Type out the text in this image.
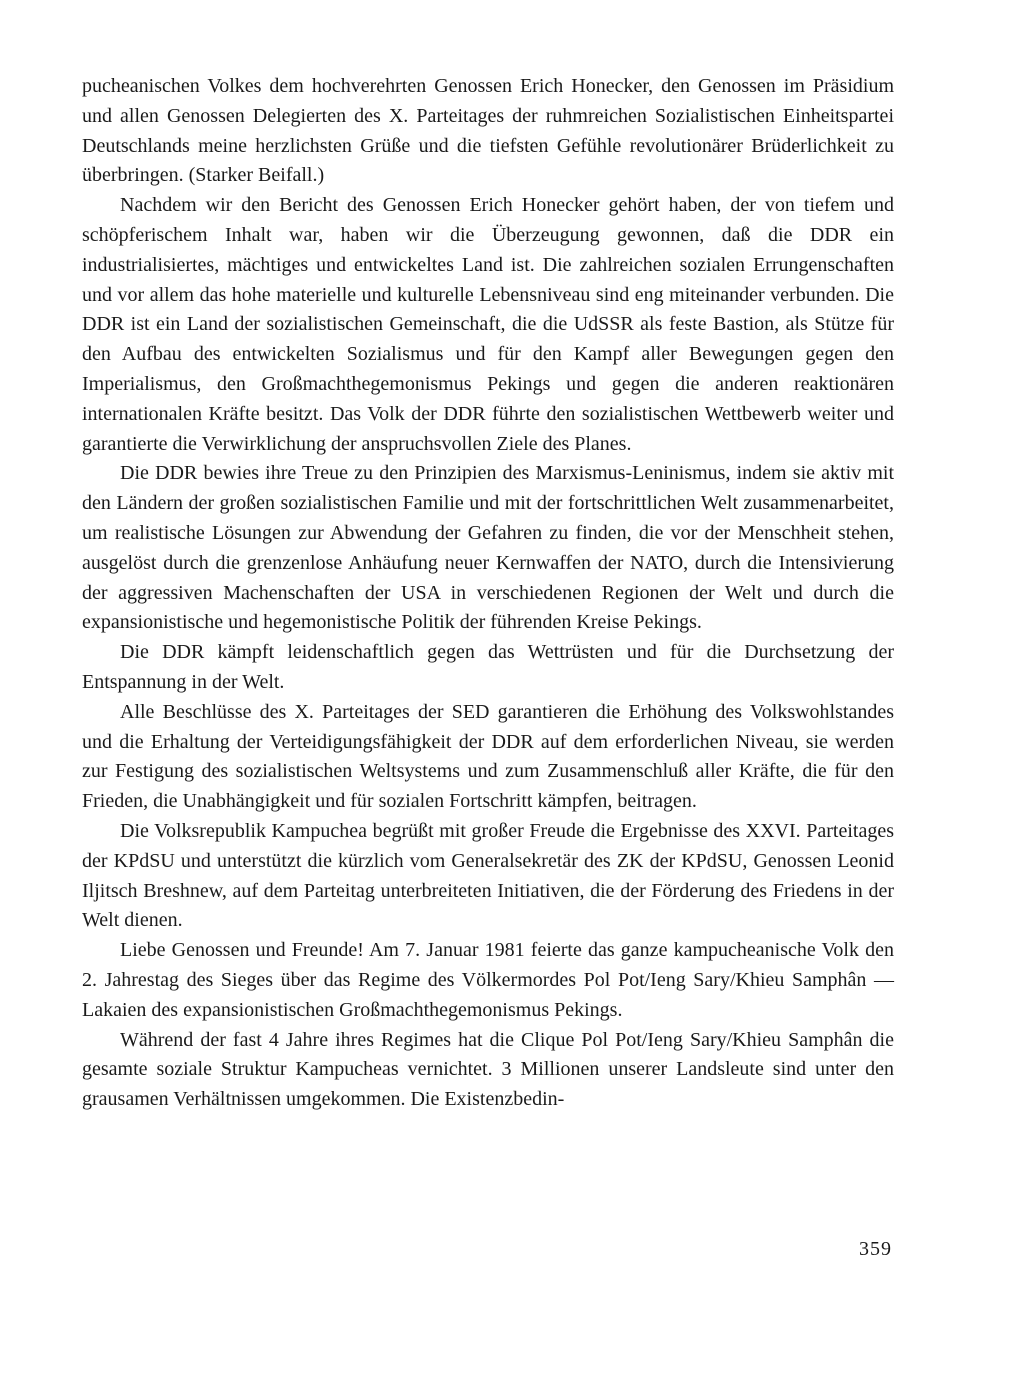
pucheanischen Volkes dem hochverehrten Genossen Erich Honecker, den Genossen im Präsidium und allen Genossen Delegierten des X. Parteitages der ruhmreichen Sozialistischen Einheitspartei Deutschlands meine herzlichsten Grüße und die tiefsten Gefühle revolutionärer Brüderlichkeit zu überbringen. (Starker Beifall.)

Nachdem wir den Bericht des Genossen Erich Honecker gehört haben, der von tiefem und schöpferischem Inhalt war, haben wir die Überzeugung gewonnen, daß die DDR ein industrialisiertes, mächtiges und entwickeltes Land ist. Die zahlreichen sozialen Errungenschaften und vor allem das hohe materielle und kulturelle Lebensniveau sind eng miteinander verbunden. Die DDR ist ein Land der sozialistischen Gemeinschaft, die die UdSSR als feste Bastion, als Stütze für den Aufbau des entwickelten Sozialismus und für den Kampf aller Bewegungen gegen den Imperialismus, den Großmachthegemonismus Pekings und gegen die anderen reaktionären internationalen Kräfte besitzt. Das Volk der DDR führte den sozialistischen Wettbewerb weiter und garantierte die Verwirklichung der anspruchsvollen Ziele des Planes.

Die DDR bewies ihre Treue zu den Prinzipien des Marxismus-Leninismus, indem sie aktiv mit den Ländern der großen sozialistischen Familie und mit der fortschrittlichen Welt zusammenarbeitet, um realistische Lösungen zur Abwendung der Gefahren zu finden, die vor der Menschheit stehen, ausgelöst durch die grenzenlose Anhäufung neuer Kernwaffen der NATO, durch die Intensivierung der aggressiven Machenschaften der USA in verschiedenen Regionen der Welt und durch die expansionistische und hegemonistische Politik der führenden Kreise Pekings.

Die DDR kämpft leidenschaftlich gegen das Wettrüsten und für die Durchsetzung der Entspannung in der Welt.

Alle Beschlüsse des X. Parteitages der SED garantieren die Erhöhung des Volkswohlstandes und die Erhaltung der Verteidigungsfähigkeit der DDR auf dem erforderlichen Niveau, sie werden zur Festigung des sozialistischen Weltsystems und zum Zusammenschluß aller Kräfte, die für den Frieden, die Unabhängigkeit und für sozialen Fortschritt kämpfen, beitragen.

Die Volksrepublik Kampuchea begrüßt mit großer Freude die Ergebnisse des XXVI. Parteitages der KPdSU und unterstützt die kürzlich vom Generalsekretär des ZK der KPdSU, Genossen Leonid Iljitsch Breshnew, auf dem Parteitag unterbreiteten Initiativen, die der Förderung des Friedens in der Welt dienen.

Liebe Genossen und Freunde! Am 7. Januar 1981 feierte das ganze kampucheanische Volk den 2. Jahrestag des Sieges über das Regime des Völkermordes Pol Pot/Ieng Sary/Khieu Samphân — Lakaien des expansionistischen Großmachthegemonismus Pekings.

Während der fast 4 Jahre ihres Regimes hat die Clique Pol Pot/Ieng Sary/Khieu Samphân die gesamte soziale Struktur Kampucheas vernichtet. 3 Millionen unserer Landsleute sind unter den grausamen Verhältnissen umgekommen. Die Existenzbedin-

359
